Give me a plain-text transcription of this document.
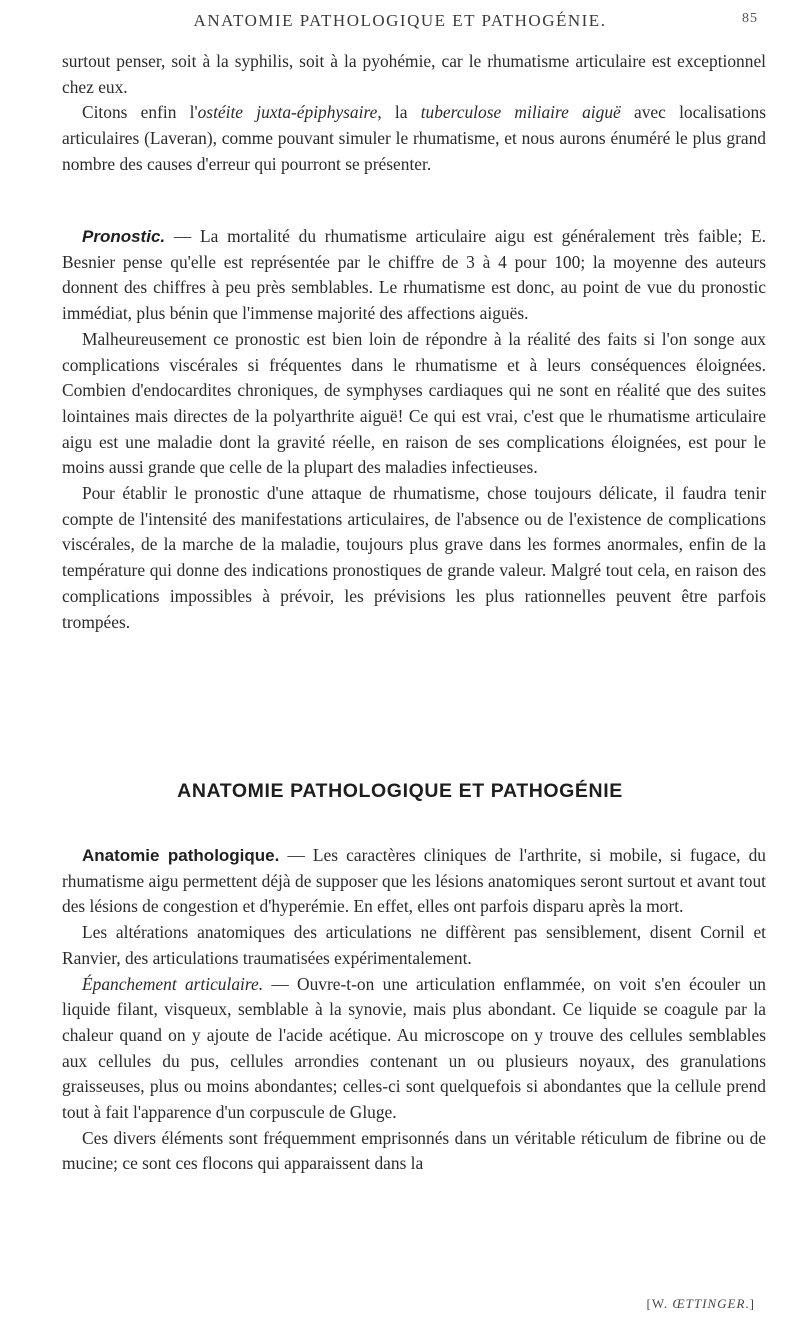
ANATOMIE PATHOLOGIQUE ET PATHOGÉNIE.	85

surtout penser, soit à la syphilis, soit à la pyohémie, car le rhumatisme articulaire est exceptionnel chez eux.

Citons enfin l'ostéite juxta-épiphysaire, la tuberculose miliaire aiguë avec localisations articulaires (Laveran), comme pouvant simuler le rhumatisme, et nous aurons énuméré le plus grand nombre des causes d'erreur qui pourront se présenter.

Pronostic. — La mortalité du rhumatisme articulaire aigu est généralement très faible; E. Besnier pense qu'elle est représentée par le chiffre de 3 à 4 pour 100; la moyenne des auteurs donnent des chiffres à peu près semblables. Le rhumatisme est donc, au point de vue du pronostic immédiat, plus bénin que l'immense majorité des affections aiguës.

Malheureusement ce pronostic est bien loin de répondre à la réalité des faits si l'on songe aux complications viscérales si fréquentes dans le rhumatisme et à leurs conséquences éloignées. Combien d'endocardites chroniques, de symphyses cardiaques qui ne sont en réalité que des suites lointaines mais directes de la polyarthrite aiguë! Ce qui est vrai, c'est que le rhumatisme articulaire aigu est une maladie dont la gravité réelle, en raison de ses complications éloignées, est pour le moins aussi grande que celle de la plupart des maladies infectieuses.

Pour établir le pronostic d'une attaque de rhumatisme, chose toujours délicate, il faudra tenir compte de l'intensité des manifestations articulaires, de l'absence ou de l'existence de complications viscérales, de la marche de la maladie, toujours plus grave dans les formes anormales, enfin de la température qui donne des indications pronostiques de grande valeur. Malgré tout cela, en raison des complications impossibles à prévoir, les prévisions les plus rationnelles peuvent être parfois trompées.

ANATOMIE PATHOLOGIQUE ET PATHOGÉNIE

Anatomie pathologique. — Les caractères cliniques de l'arthrite, si mobile, si fugace, du rhumatisme aigu permettent déjà de supposer que les lésions anatomiques seront surtout et avant tout des lésions de congestion et d'hyperémie. En effet, elles ont parfois disparu après la mort.

Les altérations anatomiques des articulations ne diffèrent pas sensiblement, disent Cornil et Ranvier, des articulations traumatisées expérimentalement.

Épanchement articulaire. — Ouvre-t-on une articulation enflammée, on voit s'en écouler un liquide filant, visqueux, semblable à la synovie, mais plus abondant. Ce liquide se coagule par la chaleur quand on y ajoute de l'acide acétique. Au microscope on y trouve des cellules semblables aux cellules du pus, cellules arrondies contenant un ou plusieurs noyaux, des granulations graisseuses, plus ou moins abondantes; celles-ci sont quelquefois si abondantes que la cellule prend tout à fait l'apparence d'un corpuscule de Gluge.

Ces divers éléments sont fréquemment emprisonnés dans un véritable réticulum de fibrine ou de mucine; ce sont ces flocons qui apparaissent dans la

[W. ŒTTINGER.]
